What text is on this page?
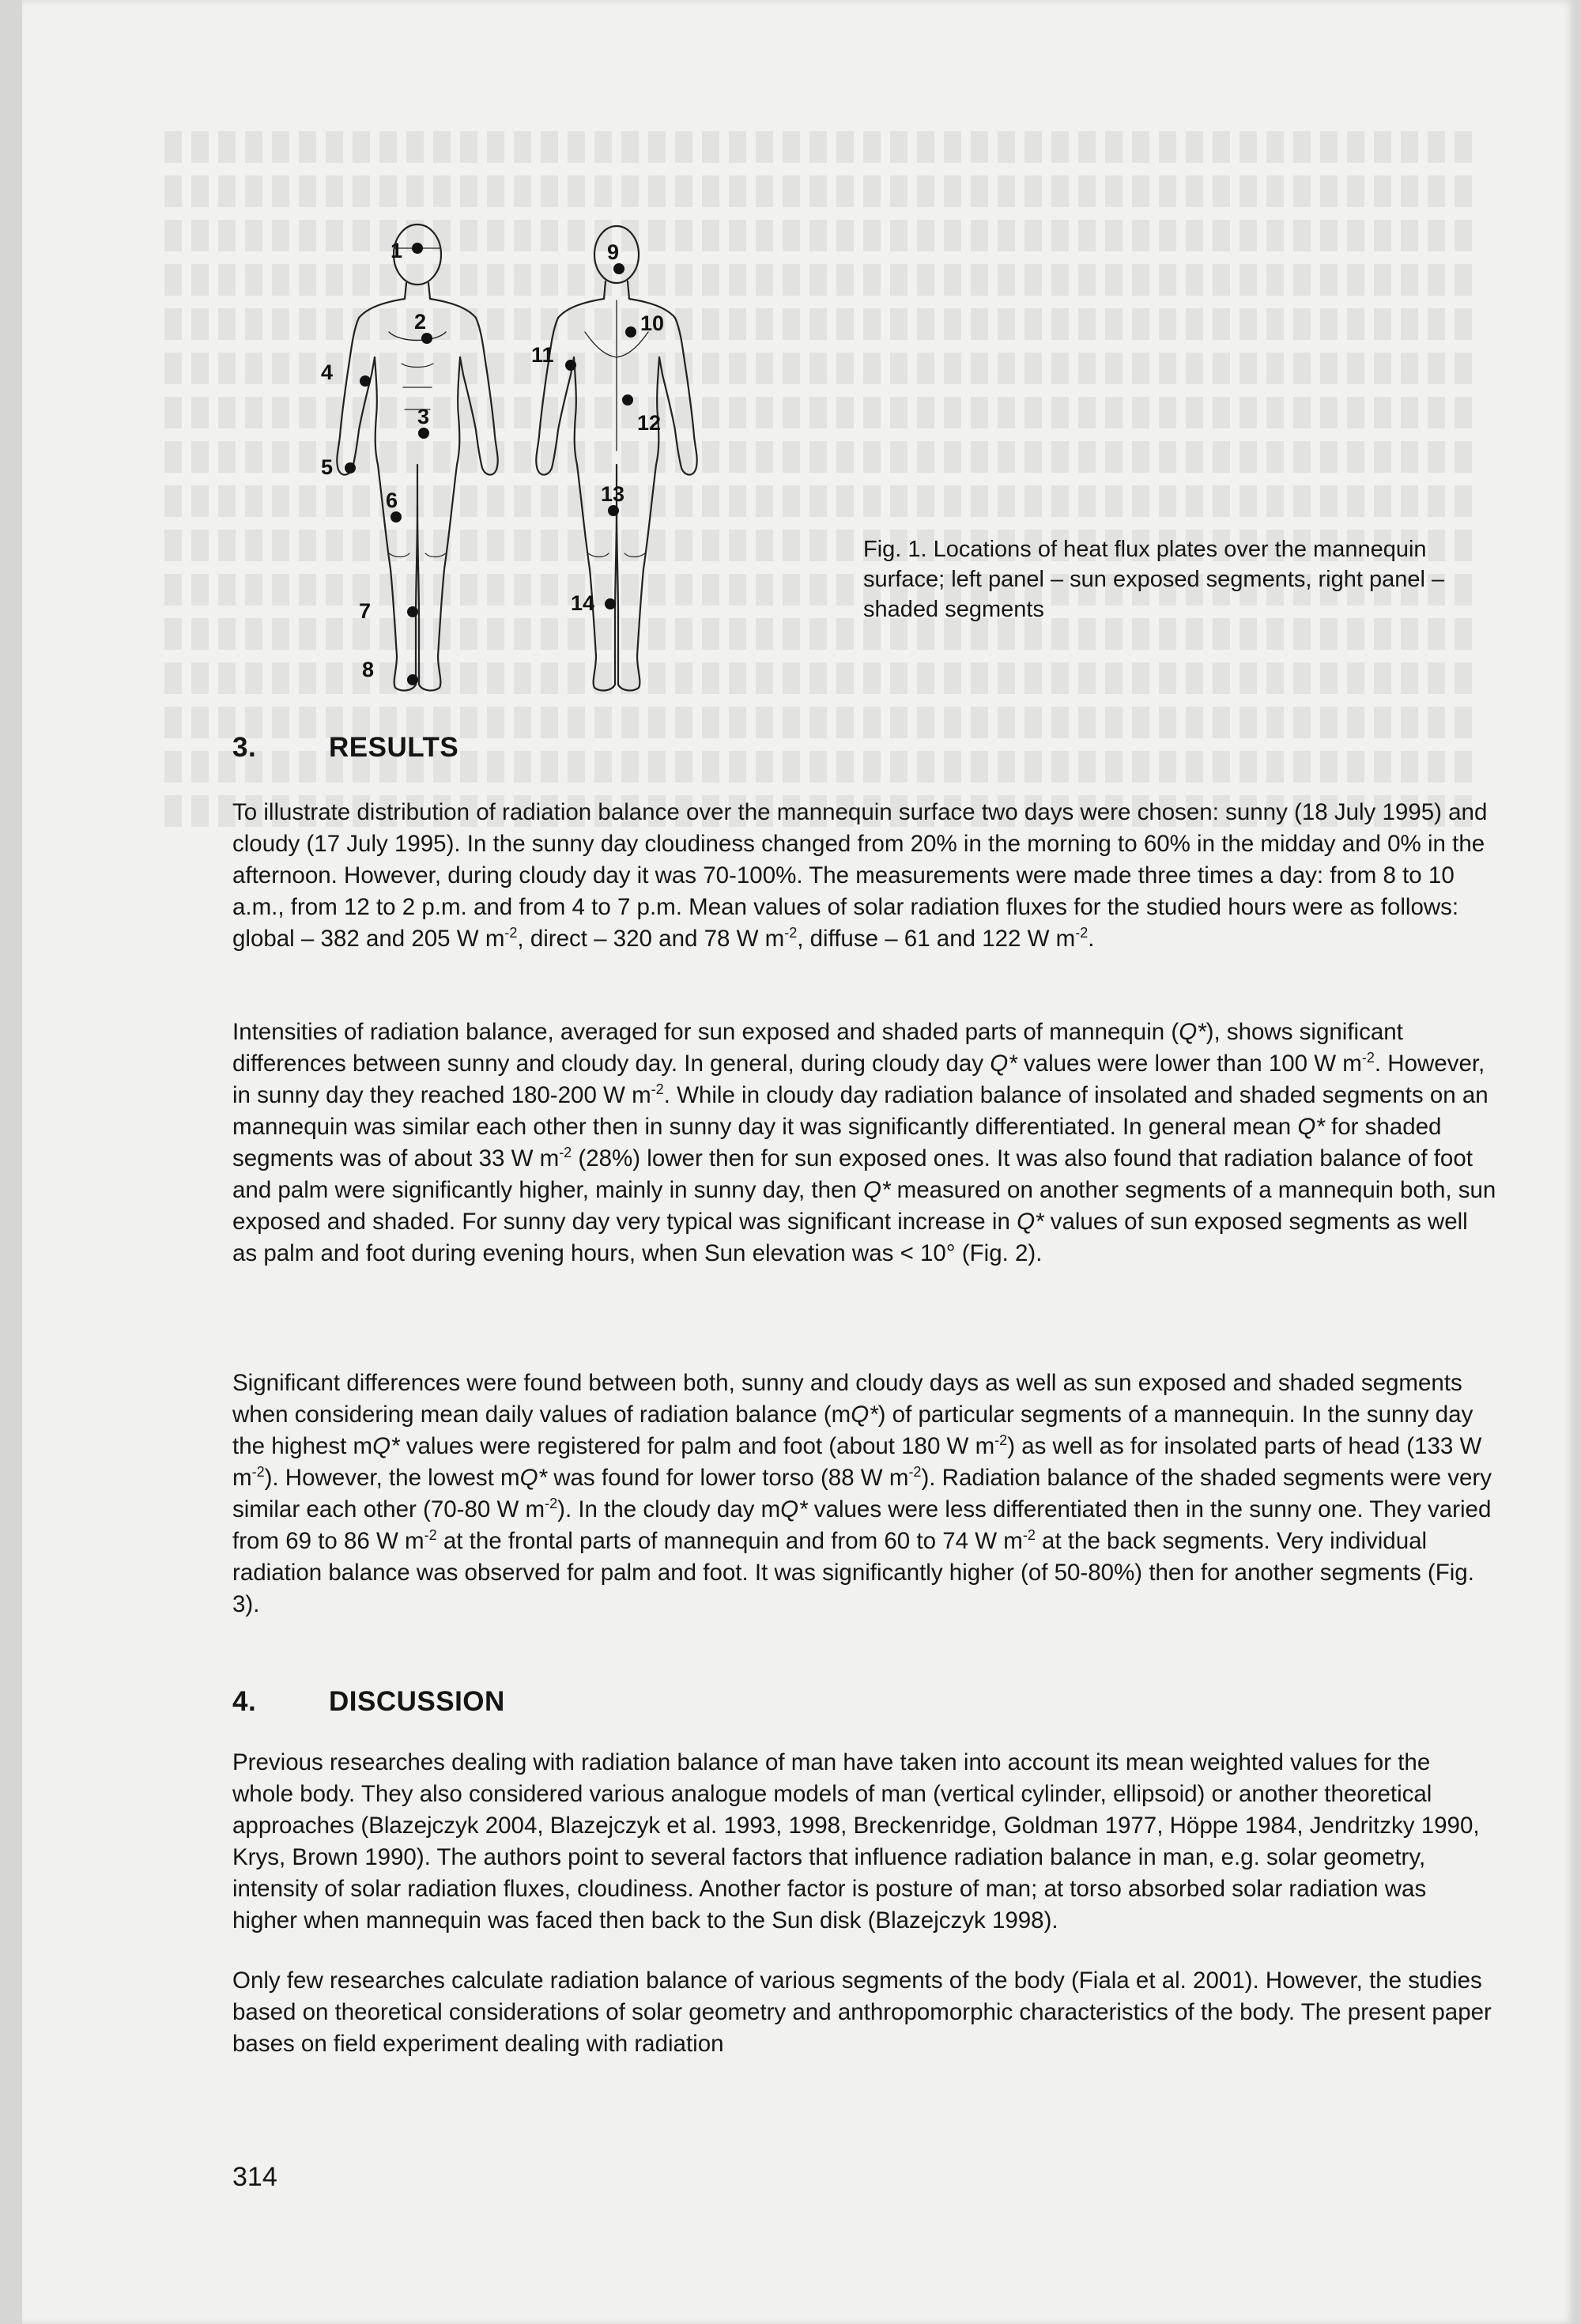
1
2
3
4
5
6
7
8
9
10
11
12
13
14
Fig. 1. Locations of heat flux plates over the mannequin surface; left panel – sun exposed segments, right panel – shaded segments
3.	RESULTS

To illustrate distribution of radiation balance over the mannequin surface two days were chosen: sunny (18 July 1995) and cloudy (17 July 1995). In the sunny day cloudiness changed from 20% in the morning to 60% in the midday and 0% in the afternoon. However, during cloudy day it was 70-100%. The measurements were made three times a day: from 8 to 10 a.m., from 12 to 2 p.m. and from 4 to 7 p.m. Mean values of solar radiation fluxes for the studied hours were as follows: global – 382 and 205 W $m^{-2}$, direct – 320 and 78 W $m^{-2}$, diffuse – 61 and 122 W $m^{-2}$.

Intensities of radiation balance, averaged for sun exposed and shaded parts of mannequin (Q*), shows significant differences between sunny and cloudy day. In general, during cloudy day Q* values were lower than 100 W $m^{-2}$. However, in sunny day they reached 180-200 W $m^{-2}$. While in cloudy day radiation balance of insolated and shaded segments on an mannequin was similar each other then in sunny day it was significantly differentiated. In general mean Q* for shaded segments was of about 33 W $m^{-2}$ (28%) lower then for sun exposed ones. It was also found that radiation balance of foot and palm were significantly higher, mainly in sunny day, then Q* measured on another segments of a mannequin both, sun exposed and shaded. For sunny day very typical was significant increase in Q* values of sun exposed segments as well as palm and foot during evening hours, when Sun elevation was < 10° (Fig. 2).

Significant differences were found between both, sunny and cloudy days as well as sun exposed and shaded segments when considering mean daily values of radiation balance (mQ*) of particular segments of a mannequin. In the sunny day the highest mQ* values were registered for palm and foot (about 180 W $m^{-2}$) as well as for insolated parts of head (133 W $m^{-2}$). However, the lowest mQ* was found for lower torso (88 W $m^{-2}$). Radiation balance of the shaded segments were very similar each other (70-80 W $m^{-2}$). In the cloudy day mQ* values were less differentiated then in the sunny one. They varied from 69 to 86 W $m^{-2}$ at the frontal parts of mannequin and from 60 to 74 W $m^{-2}$ at the back segments. Very individual radiation balance was observed for palm and foot. It was significantly higher (of 50-80%) then for another segments (Fig. 3).

4.	DISCUSSION

Previous researches dealing with radiation balance of man have taken into account its mean weighted values for the whole body. They also considered various analogue models of man (vertical cylinder, ellipsoid) or another theoretical approaches (Blazejczyk 2004, Blazejczyk et al. 1993, 1998, Breckenridge, Goldman 1977, Höppe 1984, Jendritzky 1990, Krys, Brown 1990). The authors point to several factors that influence radiation balance in man, e.g. solar geometry, intensity of solar radiation fluxes, cloudiness. Another factor is posture of man; at torso absorbed solar radiation was higher when mannequin was faced then back to the Sun disk (Blazejczyk 1998).

Only few researches calculate radiation balance of various segments of the body (Fiala et al. 2001). However, the studies based on theoretical considerations of solar geometry and anthropomorphic characteristics of the body. The present paper bases on field experiment dealing with radiation

314
